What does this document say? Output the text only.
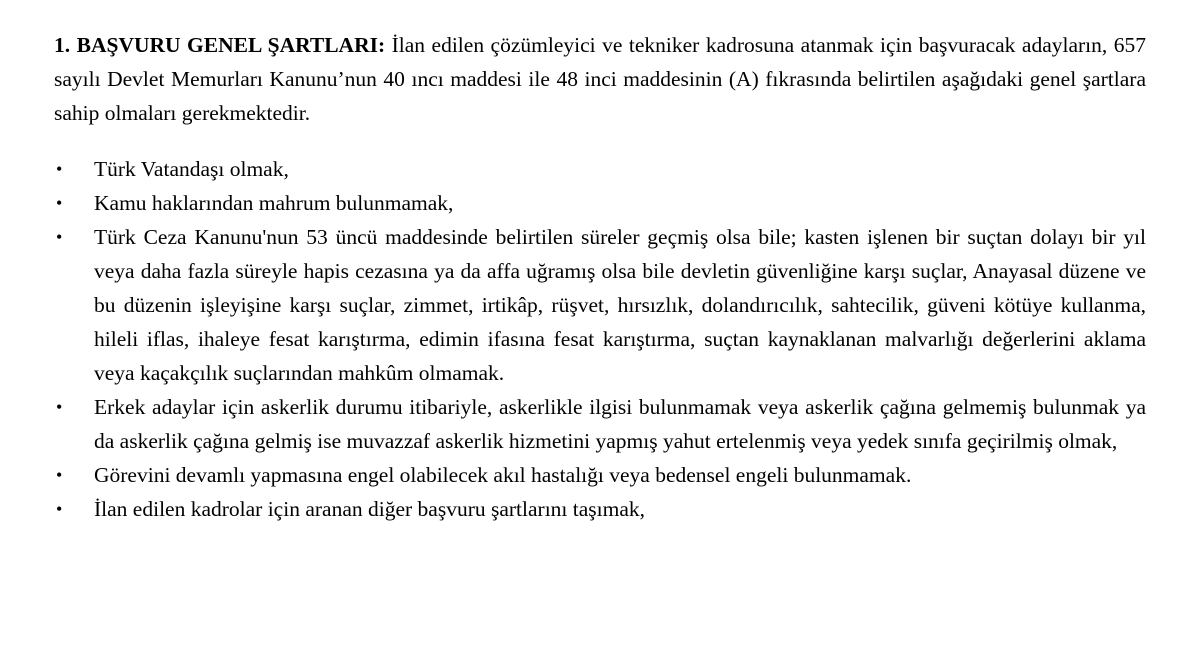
1. BAŞVURU GENEL ŞARTLARI: İlan edilen çözümleyici ve tekniker kadrosuna atanmak için başvuracak adayların, 657 sayılı Devlet Memurları Kanunu’nun 40 ıncı maddesi ile 48 inci maddesinin (A) fıkrasında belirtilen aşağıdaki genel şartlara sahip olmaları gerekmektedir.

•	Türk Vatandaşı olmak,
•	Kamu haklarından mahrum bulunmamak,
•	Türk Ceza Kanunu'nun 53 üncü maddesinde belirtilen süreler geçmiş olsa bile; kasten işlenen bir suçtan dolayı bir yıl veya daha fazla süreyle hapis cezasına ya da affa uğramış olsa bile devletin güvenliğine karşı suçlar, Anayasal düzene ve bu düzenin işleyişine karşı suçlar, zimmet, irtikâp, rüşvet, hırsızlık, dolandırıcılık, sahtecilik, güveni kötüye kullanma, hileli iflas, ihaleye fesat karıştırma, edimin ifasına fesat karıştırma, suçtan kaynaklanan malvarlığı değerlerini aklama veya kaçakçılık suçlarından mahkûm olmamak.
•	Erkek adaylar için askerlik durumu itibariyle, askerlikle ilgisi bulunmamak veya askerlik çağına gelmemiş bulunmak ya da askerlik çağına gelmiş ise muvazzaf askerlik hizmetini yapmış yahut ertelenmiş veya yedek sınıfa geçirilmiş olmak,
•	Görevini devamlı yapmasına engel olabilecek akıl hastalığı veya bedensel engeli bulunmamak.
•	İlan edilen kadrolar için aranan diğer başvuru şartlarını taşımak,
